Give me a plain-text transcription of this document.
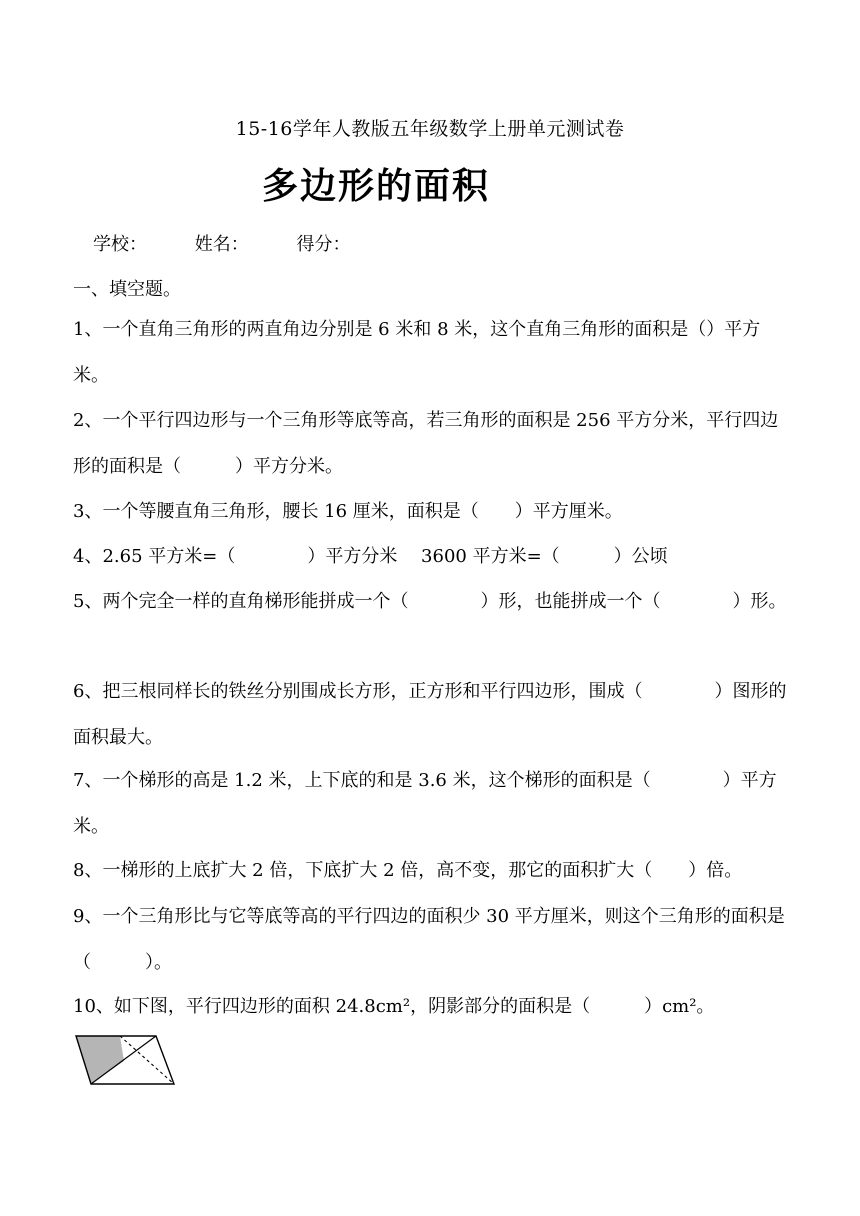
15-16学年人教版五年级数学上册单元测试卷
多边形的面积
学校：	姓名：	得分：
一、填空题。
1、一个直角三角形的两直角边分别是 6 米和 8 米，这个直角三角形的面积是（）平方米。
2、一个平行四边形与一个三角形等底等高，若三角形的面积是 256 平方分米，平行四边形的面积是（　　　）平方分米。
3、一个等腰直角三角形，腰长 16 厘米，面积是（　　）平方厘米。
4、2.65 平方米=（　　　　）平方分米　 3600 平方米=（　　　）公顷
5、两个完全一样的直角梯形能拼成一个（　　　　）形，也能拼成一个（　　　　）形。
6、把三根同样长的铁丝分别围成长方形，正方形和平行四边形，围成（　　　　）图形的面积最大。
7、一个梯形的高是 1.2 米，上下底的和是 3.6 米，这个梯形的面积是（　　　　）平方米。
8、一梯形的上底扩大 2 倍，下底扩大 2 倍，高不变，那它的面积扩大（　　）倍。
9、一个三角形比与它等底等高的平行四边的面积少 30 平方厘米，则这个三角形的面积是（　　　）。
10、如下图，平行四边形的面积 24.8cm²，阴影部分的面积是（　　　）cm²。
